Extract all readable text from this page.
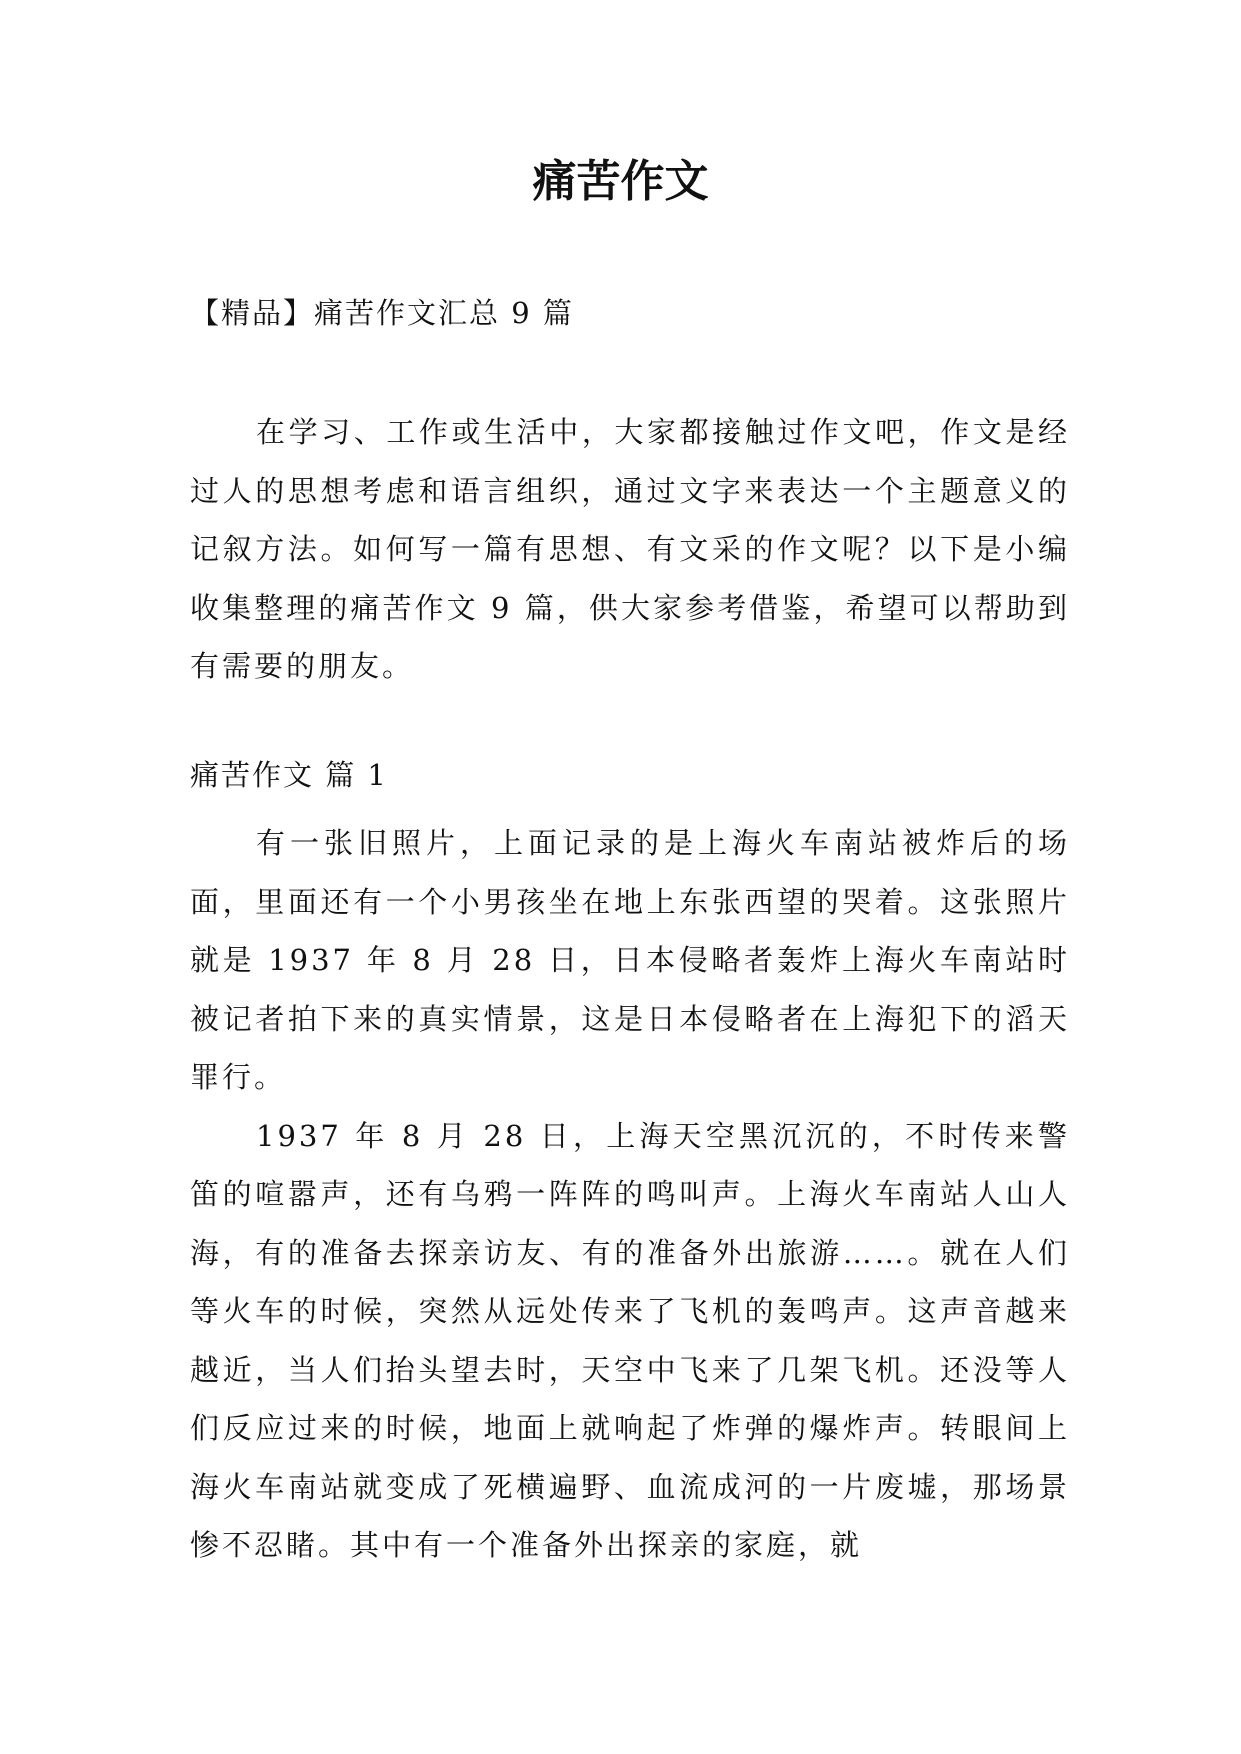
痛苦作文

【精品】痛苦作文汇总 9 篇

在学习、工作或生活中，大家都接触过作文吧，作文是经过人的思想考虑和语言组织，通过文字来表达一个主题意义的记叙方法。如何写一篇有思想、有文采的作文呢？以下是小编收集整理的痛苦作文 9 篇，供大家参考借鉴，希望可以帮助到有需要的朋友。

痛苦作文 篇 1

有一张旧照片，上面记录的是上海火车南站被炸后的场面，里面还有一个小男孩坐在地上东张西望的哭着。这张照片就是 1937 年 8 月 28 日，日本侵略者轰炸上海火车南站时被记者拍下来的真实情景，这是日本侵略者在上海犯下的滔天罪行。

1937 年 8 月 28 日，上海天空黑沉沉的，不时传来警笛的喧嚣声，还有乌鸦一阵阵的鸣叫声。上海火车南站人山人海，有的准备去探亲访友、有的准备外出旅游……。就在人们等火车的时候，突然从远处传来了飞机的轰鸣声。这声音越来越近，当人们抬头望去时，天空中飞来了几架飞机。还没等人们反应过来的时候，地面上就响起了炸弹的爆炸声。转眼间上海火车南站就变成了死横遍野、血流成河的一片废墟，那场景惨不忍睹。其中有一个准备外出探亲的家庭，就
